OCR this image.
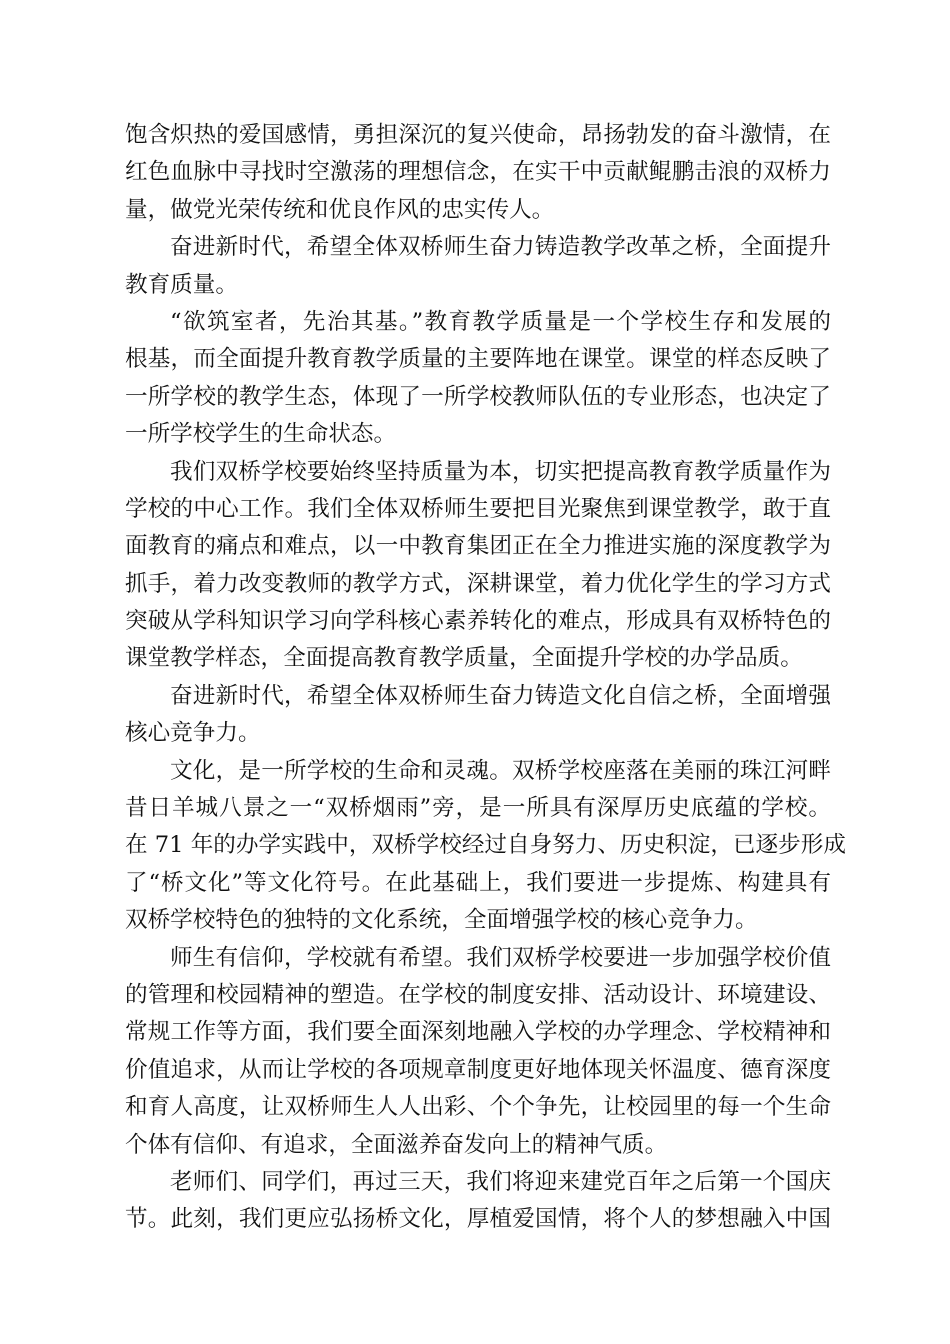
饱含炽热的爱国感情，勇担深沉的复兴使命，昂扬勃发的奋斗激情，在
红色血脉中寻找时空激荡的理想信念，在实干中贡献鲲鹏击浪的双桥力
量，做党光荣传统和优良作风的忠实传人。
奋进新时代，希望全体双桥师生奋力铸造教学改革之桥，全面提升
教育质量。
“欲筑室者，先治其基。”教育教学质量是一个学校生存和发展的
根基，而全面提升教育教学质量的主要阵地在课堂。课堂的样态反映了
一所学校的教学生态，体现了一所学校教师队伍的专业形态，也决定了
一所学校学生的生命状态。
我们双桥学校要始终坚持质量为本，切实把提高教育教学质量作为
学校的中心工作。我们全体双桥师生要把目光聚焦到课堂教学，敢于直
面教育的痛点和难点，以一中教育集团正在全力推进实施的深度教学为
抓手，着力改变教师的教学方式，深耕课堂，着力优化学生的学习方式
突破从学科知识学习向学科核心素养转化的难点，形成具有双桥特色的
课堂教学样态，全面提高教育教学质量，全面提升学校的办学品质。
奋进新时代，希望全体双桥师生奋力铸造文化自信之桥，全面增强
核心竞争力。
文化，是一所学校的生命和灵魂。双桥学校座落在美丽的珠江河畔
昔日羊城八景之一“双桥烟雨”旁，是一所具有深厚历史底蕴的学校。
在 71 年的办学实践中，双桥学校经过自身努力、历史积淀，已逐步形成
了“桥文化”等文化符号。在此基础上，我们要进一步提炼、构建具有
双桥学校特色的独特的文化系统，全面增强学校的核心竞争力。
师生有信仰，学校就有希望。我们双桥学校要进一步加强学校价值
的管理和校园精神的塑造。在学校的制度安排、活动设计、环境建设、
常规工作等方面，我们要全面深刻地融入学校的办学理念、学校精神和
价值追求，从而让学校的各项规章制度更好地体现关怀温度、德育深度
和育人高度，让双桥师生人人出彩、个个争先，让校园里的每一个生命
个体有信仰、有追求，全面滋养奋发向上的精神气质。
老师们、同学们，再过三天，我们将迎来建党百年之后第一个国庆
节。此刻，我们更应弘扬桥文化，厚植爱国情，将个人的梦想融入中国
